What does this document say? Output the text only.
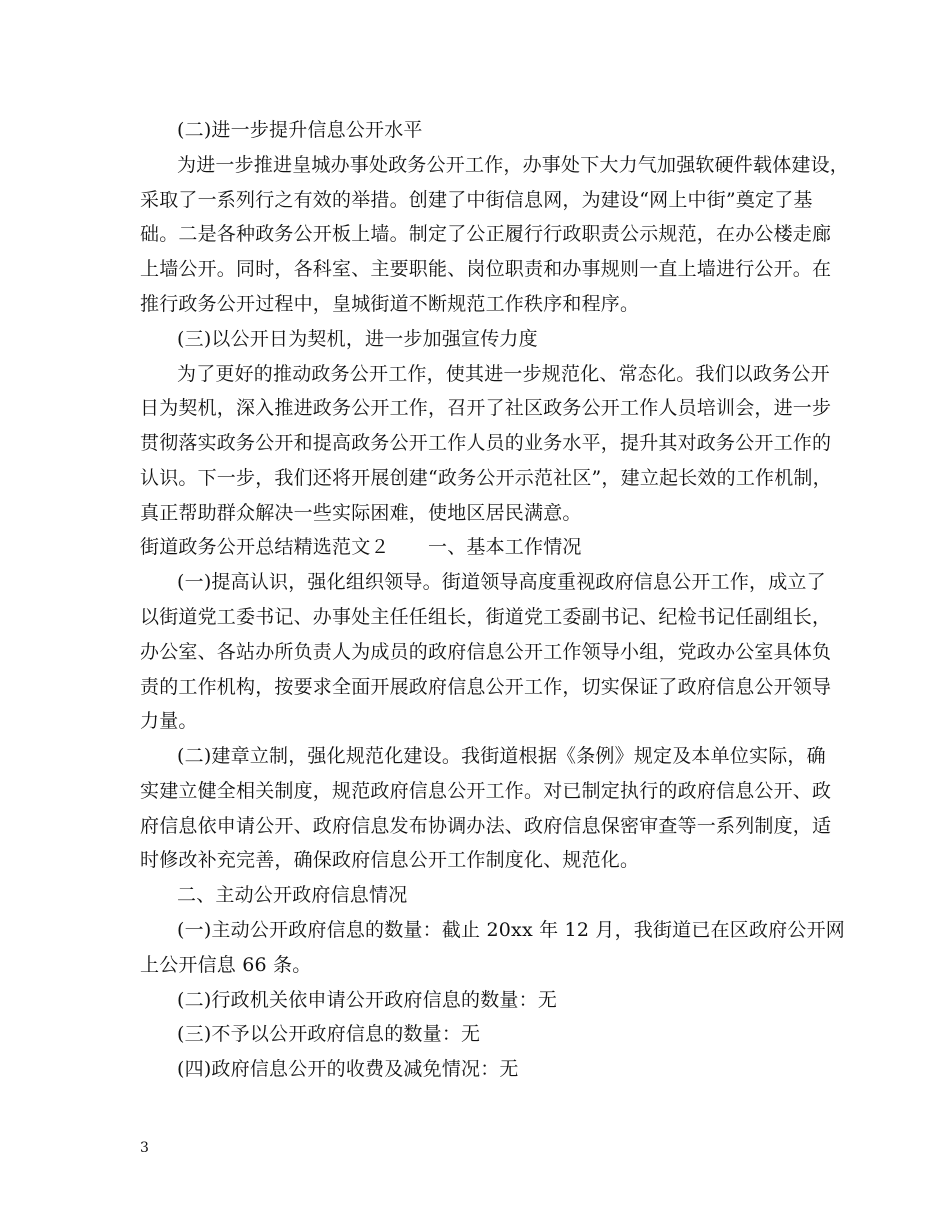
(二)进一步提升信息公开水平
为进一步推进皇城办事处政务公开工作，办事处下大力气加强软硬件载体建设，
采取了一系列行之有效的举措。创建了中街信息网，为建设“网上中街”奠定了基
础。二是各种政务公开板上墙。制定了公正履行行政职责公示规范，在办公楼走廊
上墙公开。同时，各科室、主要职能、岗位职责和办事规则一直上墙进行公开。在
推行政务公开过程中，皇城街道不断规范工作秩序和程序。
(三)以公开日为契机，进一步加强宣传力度
为了更好的推动政务公开工作，使其进一步规范化、常态化。我们以政务公开
日为契机，深入推进政务公开工作，召开了社区政务公开工作人员培训会，进一步
贯彻落实政务公开和提高政务公开工作人员的业务水平，提升其对政务公开工作的
认识。下一步，我们还将开展创建“政务公开示范社区”，建立起长效的工作机制，
真正帮助群众解决一些实际困难，使地区居民满意。
街道政务公开总结精选范文２　　一、基本工作情况
(一)提高认识，强化组织领导。街道领导高度重视政府信息公开工作，成立了
以街道党工委书记、办事处主任任组长，街道党工委副书记、纪检书记任副组长，
办公室、各站办所负责人为成员的政府信息公开工作领导小组，党政办公室具体负
责的工作机构，按要求全面开展政府信息公开工作，切实保证了政府信息公开领导
力量。
(二)建章立制，强化规范化建设。我街道根据《条例》规定及本单位实际，确
实建立健全相关制度，规范政府信息公开工作。对已制定执行的政府信息公开、政
府信息依申请公开、政府信息发布协调办法、政府信息保密审查等一系列制度，适
时修改补充完善，确保政府信息公开工作制度化、规范化。
二、主动公开政府信息情况
(一)主动公开政府信息的数量：截止 20xx 年 12 月，我街道已在区政府公开网
上公开信息 66 条。
(二)行政机关依申请公开政府信息的数量：无
(三)不予以公开政府信息的数量：无
(四)政府信息公开的收费及减免情况：无
3
